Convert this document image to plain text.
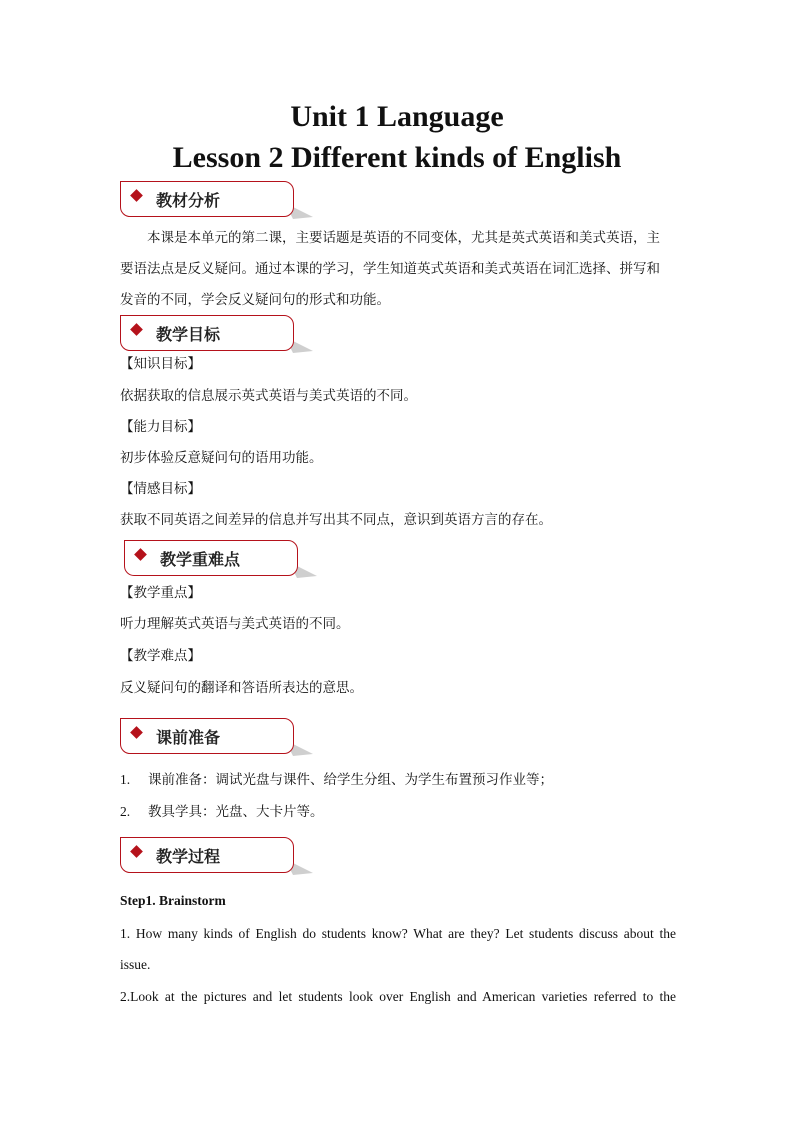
Unit 1 Language
Lesson 2 Different kinds of English
教材分析
本课是本单元的第二课，主要话题是英语的不同变体，尤其是英式英语和美式英语，主
要语法点是反义疑问。通过本课的学习，学生知道英式英语和美式英语在词汇选择、拼写和
发音的不同，学会反义疑问句的形式和功能。
教学目标
【知识目标】
依据获取的信息展示英式英语与美式英语的不同。
【能力目标】
初步体验反意疑问句的语用功能。
【情感目标】
获取不同英语之间差异的信息并写出其不同点，意识到英语方言的存在。
教学重难点
【教学重点】
听力理解英式英语与美式英语的不同。
【教学难点】
反义疑问句的翻译和答语所表达的意思。
课前准备
1. 课前准备：调试光盘与课件、给学生分组、为学生布置预习作业等；
2. 教具学具：光盘、大卡片等。
教学过程
Step1. Brainstorm
1. How many kinds of English do students know? What are they? Let students discuss about the
issue.
2.Look at the pictures and let students look over English and American varieties referred to the
